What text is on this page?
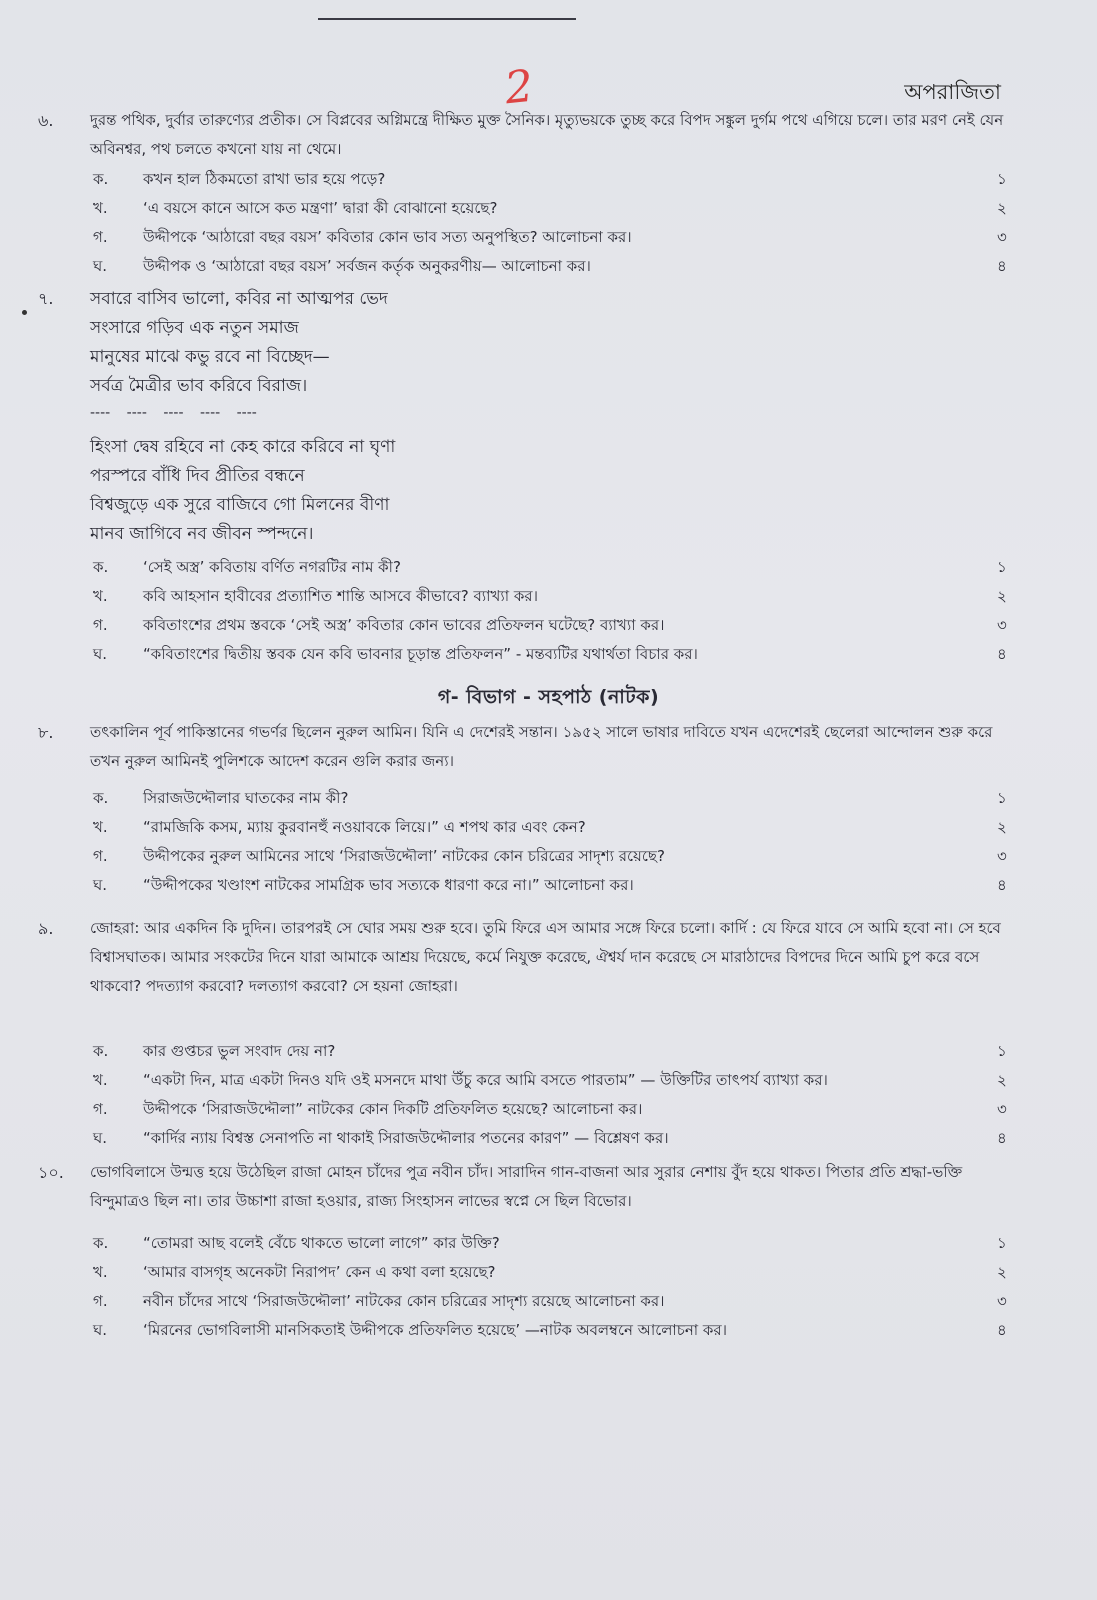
2	অপরাজিতা
৬. দুরন্ত পথিক, দুর্বার তারুণ্যের প্রতীক। সে বিপ্লবের অগ্নিমন্ত্রে দীক্ষিত মুক্ত সৈনিক। মৃত্যুভয়কে তুচ্ছ করে বিপদ সঙ্কুল দুর্গম পথে এগিয়ে চলে। তার মরণ নেই যেন অবিনশ্বর, পথ চলতে কখনো যায় না থেমে।
ক. কখন হাল ঠিকমতো রাখা ভার হয়ে পড়ে?	১
খ. ‘এ বয়সে কানে আসে কত মন্ত্রণা’ দ্বারা কী বোঝানো হয়েছে?	২
গ. উদ্দীপকে ‘আঠারো বছর বয়স’ কবিতার কোন ভাব সত্য অনুপস্থিত? আলোচনা কর।	৩
ঘ. উদ্দীপক ও ‘আঠারো বছর বয়স’ সর্বজন কর্তৃক অনুকরণীয়— আলোচনা কর।	৪
৭. সবারে বাসিব ভালো, কবির না আত্মপর ভেদ
সংসারে গড়িব এক নতুন সমাজ
মানুষের মাঝে কভু রবে না বিচ্ছেদ—
সর্বত্র মৈত্রীর ভাব করিবে বিরাজ।
---- ---- ---- ---- ----
হিংসা দ্বেষ রহিবে না কেহ কারে করিবে না ঘৃণা
পরস্পরে বাঁধি দিব প্রীতির বন্ধনে
বিশ্বজুড়ে এক সুরে বাজিবে গো মিলনের বীণা
মানব জাগিবে নব জীবন স্পন্দনে।
ক. ‘সেই অস্ত্র’ কবিতায় বর্ণিত নগরটির নাম কী?	১
খ. কবি আহসান হাবীবের প্রত্যাশিত শান্তি আসবে কীভাবে? ব্যাখ্যা কর।	২
গ. কবিতাংশের প্রথম স্তবকে ‘সেই অস্ত্র’ কবিতার কোন ভাবের প্রতিফলন ঘটেছে? ব্যাখ্যা কর।	৩
ঘ. “কবিতাংশের দ্বিতীয় স্তবক যেন কবি ভাবনার চূড়ান্ত প্রতিফলন” - মন্তব্যটির যথার্থতা বিচার কর।	৪
গ- বিভাগ - সহপাঠ (নাটক)
৮. তৎকালিন পূর্ব পাকিস্তানের গভর্ণর ছিলেন নুরুল আমিন। যিনি এ দেশেরই সন্তান। ১৯৫২ সালে ভাষার দাবিতে যখন এদেশেরই ছেলেরা আন্দোলন শুরু করে তখন নুরুল আমিনই পুলিশকে আদেশ করেন গুলি করার জন্য।
ক. সিরাজউদ্দৌলার ঘাতকের নাম কী?	১
খ. “রামজিকি কসম, ম্যায় কুরবানহুঁ নওয়াবকে লিয়ে।” এ শপথ কার এবং কেন?	২
গ. উদ্দীপকের নুরুল আমিনের সাথে ‘সিরাজউদ্দৌলা’ নাটকের কোন চরিত্রের সাদৃশ্য রয়েছে?	৩
ঘ. “উদ্দীপকের খণ্ডাংশ নাটকের সামগ্রিক ভাব সত্যকে ধারণা করে না।” আলোচনা কর।	৪
৯. জোহরা: আর একদিন কি দুদিন। তারপরই সে ঘোর সময় শুরু হবে। তুমি ফিরে এস আমার সঙ্গে ফিরে চলো। কার্দি : যে ফিরে যাবে সে আমি হবো না। সে হবে বিশ্বাসঘাতক। আমার সংকটের দিনে যারা আমাকে আশ্রয় দিয়েছে, কর্মে নিযুক্ত করেছে, ঐশ্বর্য দান করেছে সে মারাঠাদের বিপদের দিনে আমি চুপ করে বসে থাকবো? পদত্যাগ করবো? দলত্যাগ করবো? সে হয়না জোহরা।
ক. কার গুপ্তচর ভুল সংবাদ দেয় না?	১
খ. “একটা দিন, মাত্র একটা দিনও যদি ওই মসনদে মাথা উঁচু করে আমি বসতে পারতাম” — উক্তিটির তাৎপর্য ব্যাখ্যা কর।	২
গ. উদ্দীপকে ‘সিরাজউদ্দৌলা” নাটকের কোন দিকটি প্রতিফলিত হয়েছে? আলোচনা কর।	৩
ঘ. “কার্দির ন্যায় বিশ্বস্ত সেনাপতি না থাকাই সিরাজউদ্দৌলার পতনের কারণ” — বিশ্লেষণ কর।	৪
১০. ভোগবিলাসে উন্মত্ত হয়ে উঠেছিল রাজা মোহন চাঁদের পুত্র নবীন চাঁদ। সারাদিন গান-বাজনা আর সুরার নেশায় বুঁদ হয়ে থাকত। পিতার প্রতি শ্রদ্ধা-ভক্তি বিন্দুমাত্রও ছিল না। তার উচ্চাশা রাজা হওয়ার, রাজ্য সিংহাসন লাভের স্বপ্নে সে ছিল বিভোর।
ক. “তোমরা আছ বলেই বেঁচে থাকতে ভালো লাগে” কার উক্তি?	১
খ. ‘আমার বাসগৃহ অনেকটা নিরাপদ’ কেন এ কথা বলা হয়েছে?	২
গ. নবীন চাঁদের সাথে ‘সিরাজউদ্দৌলা’ নাটকের কোন চরিত্রের সাদৃশ্য রয়েছে আলোচনা কর।	৩
ঘ. ‘মিরনের ভোগবিলাসী মানসিকতাই উদ্দীপকে প্রতিফলিত হয়েছে’ —নাটক অবলম্বনে আলোচনা কর।	৪
